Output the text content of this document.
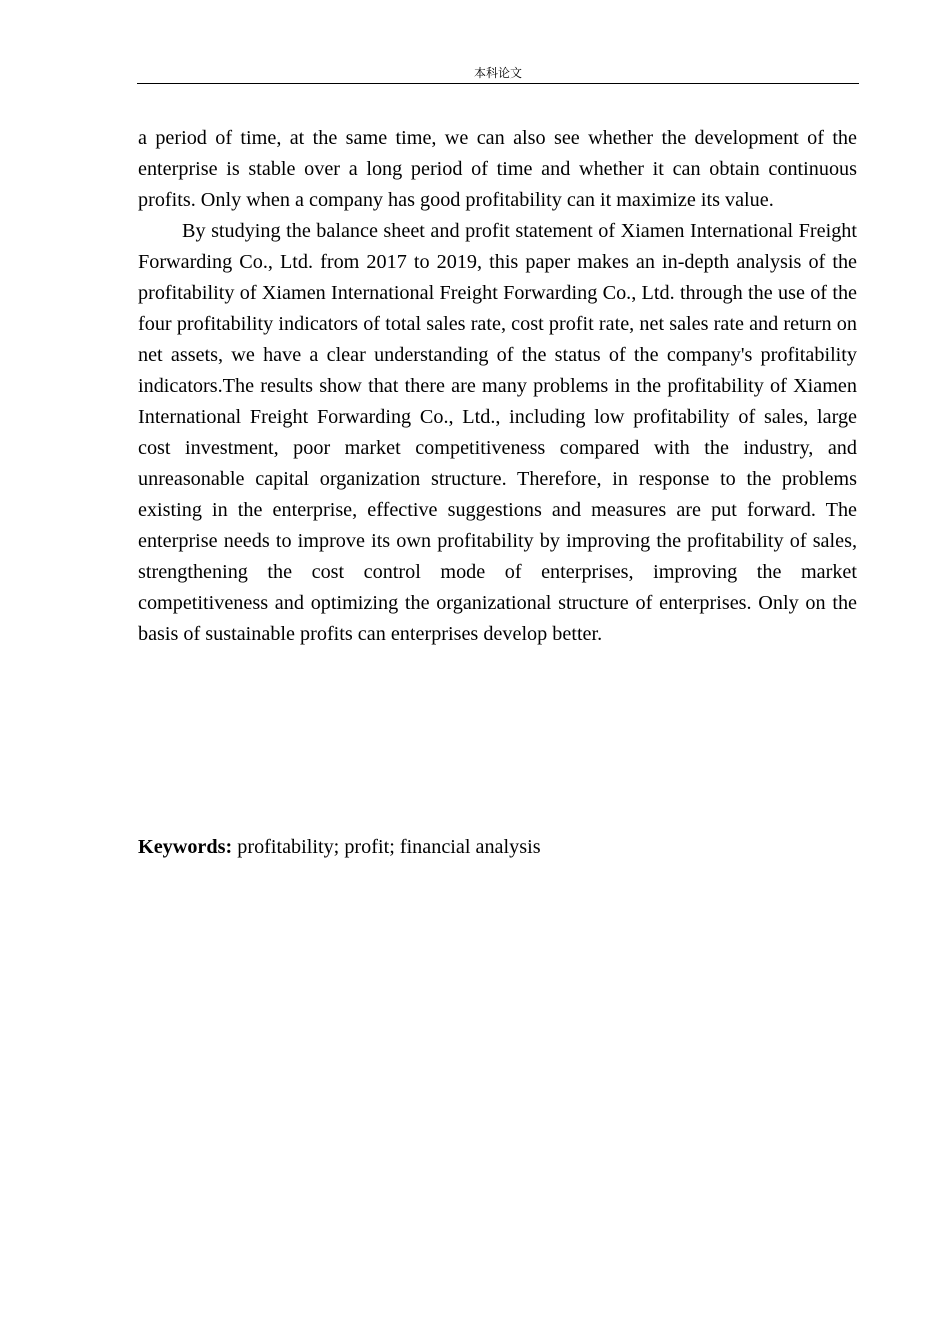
本科论文

a period of time, at the same time, we can also see whether the development of the enterprise is stable over a long period of time and whether it can obtain continuous profits. Only when a company has good profitability can it maximize its value.

By studying the balance sheet and profit statement of Xiamen International Freight Forwarding Co., Ltd. from 2017 to 2019, this paper makes an in-depth analysis of the profitability of Xiamen International Freight Forwarding Co., Ltd. through the use of the four profitability indicators of total sales rate, cost profit rate, net sales rate and return on net assets, we have a clear understanding of the status of the company's profitability indicators.The results show that there are many problems in the profitability of Xiamen International Freight Forwarding Co., Ltd., including low profitability of sales, large cost investment, poor market competitiveness compared with the industry, and unreasonable capital organization structure. Therefore, in response to the problems existing in the enterprise, effective suggestions and measures are put forward. The enterprise needs to improve its own profitability by improving the profitability of sales, strengthening the cost control mode of enterprises, improving the market competitiveness and optimizing the organizational structure of enterprises. Only on the basis of sustainable profits can enterprises develop better.

Keywords: profitability; profit; financial analysis
